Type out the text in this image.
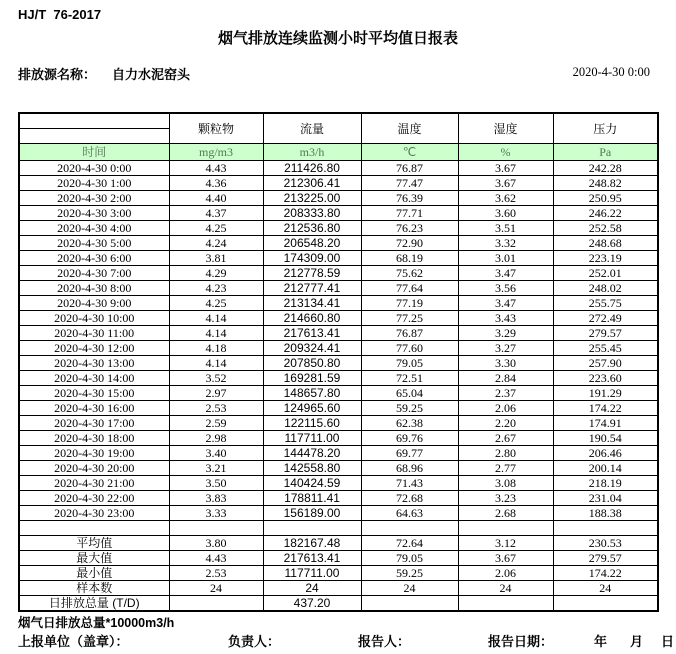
HJ/T  76-2017
烟气排放连续监测小时平均值日报表
排放源名称： 自力水泥窑头	2020-4-30 0:00
	颗粒物	流量	温度	湿度	压力

时间	mg/m3	m3/h	℃	%	Pa
2020-4-30 0:00	4.43	211426.80	76.87	3.67	242.28
2020-4-30 1:00	4.36	212306.41	77.47	3.67	248.82
2020-4-30 2:00	4.40	213225.00	76.39	3.62	250.95
2020-4-30 3:00	4.37	208333.80	77.71	3.60	246.22
2020-4-30 4:00	4.25	212536.80	76.23	3.51	252.58
2020-4-30 5:00	4.24	206548.20	72.90	3.32	248.68
2020-4-30 6:00	3.81	174309.00	68.19	3.01	223.19
2020-4-30 7:00	4.29	212778.59	75.62	3.47	252.01
2020-4-30 8:00	4.23	212777.41	77.64	3.56	248.02
2020-4-30 9:00	4.25	213134.41	77.19	3.47	255.75
2020-4-30 10:00	4.14	214660.80	77.25	3.43	272.49
2020-4-30 11:00	4.14	217613.41	76.87	3.29	279.57
2020-4-30 12:00	4.18	209324.41	77.60	3.27	255.45
2020-4-30 13:00	4.14	207850.80	79.05	3.30	257.90
2020-4-30 14:00	3.52	169281.59	72.51	2.84	223.60
2020-4-30 15:00	2.97	148657.80	65.04	2.37	191.29
2020-4-30 16:00	2.53	124965.60	59.25	2.06	174.22
2020-4-30 17:00	2.59	122115.60	62.38	2.20	174.91
2020-4-30 18:00	2.98	117711.00	69.76	2.67	190.54
2020-4-30 19:00	3.40	144478.20	69.77	2.80	206.46
2020-4-30 20:00	3.21	142558.80	68.96	2.77	200.14
2020-4-30 21:00	3.50	140424.59	71.43	3.08	218.19
2020-4-30 22:00	3.83	178811.41	72.68	3.23	231.04
2020-4-30 23:00	3.33	156189.00	64.63	2.68	188.38

平均值	3.80	182167.48	72.64	3.12	230.53
最大值	4.43	217613.41	79.05	3.67	279.57
最小值	2.53	117711.00	59.25	2.06	174.22
样本数	24	24	24	24	24
日排放总量 (T/D)		437.20			
烟气日排放总量*10000m3/h
上报单位（盖章）：	负责人：	报告人：	报告日期：	年 月 日
